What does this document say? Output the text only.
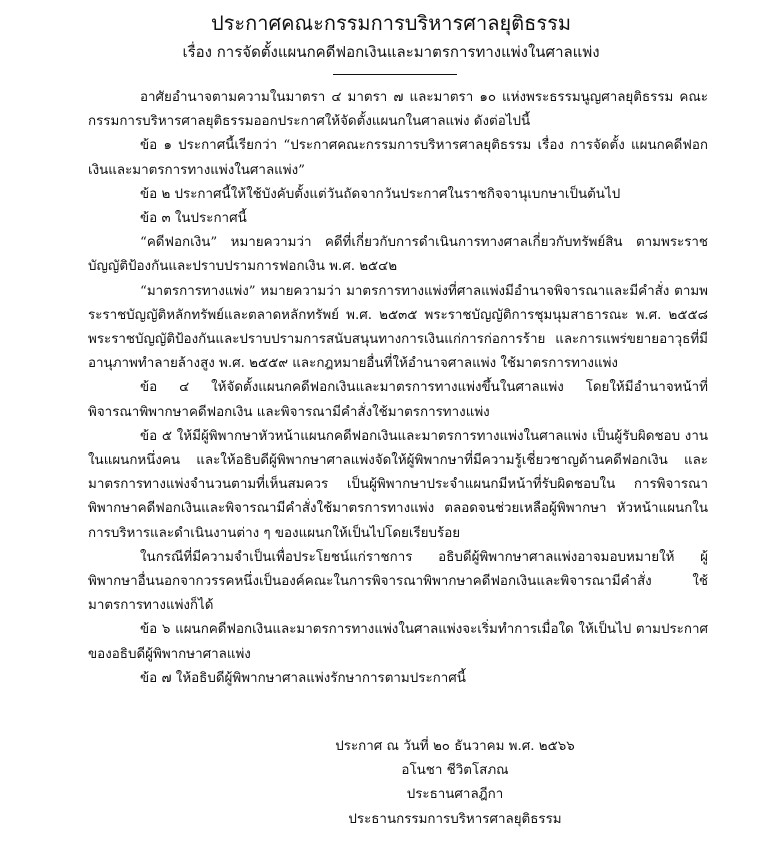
ประกาศคณะกรรมการบริหารศาลยุติธรรม
เรื่อง การจัดตั้งแผนกคดีฟอกเงินและมาตรการทางแพ่งในศาลแพ่ง

อาศัยอำนาจตามความในมาตรา ๔ มาตรา ๗ และมาตรา ๑๐ แห่งพระธรรมนูญศาลยุติธรรม คณะกรรมการบริหารศาลยุติธรรมออกประกาศให้จัดตั้งแผนกในศาลแพ่ง ดังต่อไปนี้

ข้อ ๑ ประกาศนี้เรียกว่า “ประกาศคณะกรรมการบริหารศาลยุติธรรม เรื่อง การจัดตั้ง แผนกคดีฟอกเงินและมาตรการทางแพ่งในศาลแพ่ง”

ข้อ ๒ ประกาศนี้ให้ใช้บังคับตั้งแต่วันถัดจากวันประกาศในราชกิจจานุเบกษาเป็นต้นไป

ข้อ ๓ ในประกาศนี้

“คดีฟอกเงิน” หมายความว่า คดีที่เกี่ยวกับการดำเนินการทางศาลเกี่ยวกับทรัพย์สิน ตามพระราชบัญญัติป้องกันและปราบปรามการฟอกเงิน พ.ศ. ๒๕๔๒

“มาตรการทางแพ่ง” หมายความว่า มาตรการทางแพ่งที่ศาลแพ่งมีอำนาจพิจารณาและมีคำสั่ง ตามพระราชบัญญัติหลักทรัพย์และตลาดหลักทรัพย์ พ.ศ. ๒๕๓๕ พระราชบัญญัติการชุมนุมสาธารณะ พ.ศ. ๒๕๕๘ พระราชบัญญัติป้องกันและปราบปรามการสนับสนุนทางการเงินแก่การก่อการร้าย และการแพร่ขยายอาวุธที่มีอานุภาพทำลายล้างสูง พ.ศ. ๒๕๕๙ และกฎหมายอื่นที่ให้อำนาจศาลแพ่ง ใช้มาตรการทางแพ่ง

ข้อ ๔ ให้จัดตั้งแผนกคดีฟอกเงินและมาตรการทางแพ่งขึ้นในศาลแพ่ง โดยให้มีอำนาจหน้าที่ พิจารณาพิพากษาคดีฟอกเงิน และพิจารณามีคำสั่งใช้มาตรการทางแพ่ง

ข้อ ๕ ให้มีผู้พิพากษาหัวหน้าแผนกคดีฟอกเงินและมาตรการทางแพ่งในศาลแพ่ง เป็นผู้รับผิดชอบ งานในแผนกหนึ่งคน และให้อธิบดีผู้พิพากษาศาลแพ่งจัดให้ผู้พิพากษาที่มีความรู้เชี่ยวชาญด้านคดีฟอกเงิน และมาตรการทางแพ่งจำนวนตามที่เห็นสมควร เป็นผู้พิพากษาประจำแผนกมีหน้าที่รับผิดชอบใน การพิจารณาพิพากษาคดีฟอกเงินและพิจารณามีคำสั่งใช้มาตรการทางแพ่ง ตลอดจนช่วยเหลือผู้พิพากษา หัวหน้าแผนกในการบริหารและดำเนินงานต่าง ๆ ของแผนกให้เป็นไปโดยเรียบร้อย

ในกรณีที่มีความจำเป็นเพื่อประโยชน์แก่ราชการ อธิบดีผู้พิพากษาศาลแพ่งอาจมอบหมายให้ ผู้พิพากษาอื่นนอกจากวรรคหนึ่งเป็นองค์คณะในการพิจารณาพิพากษาคดีฟอกเงินและพิจารณามีคำสั่ง ใช้มาตรการทางแพ่งก็ได้

ข้อ ๖ แผนกคดีฟอกเงินและมาตรการทางแพ่งในศาลแพ่งจะเริ่มทำการเมื่อใด ให้เป็นไป ตามประกาศของอธิบดีผู้พิพากษาศาลแพ่ง

ข้อ ๗ ให้อธิบดีผู้พิพากษาศาลแพ่งรักษาการตามประกาศนี้

ประกาศ ณ วันที่ ๒๐ ธันวาคม พ.ศ. ๒๕๖๖
อโนชา ชีวิตโสภณ
ประธานศาลฎีกา
ประธานกรรมการบริหารศาลยุติธรรม
